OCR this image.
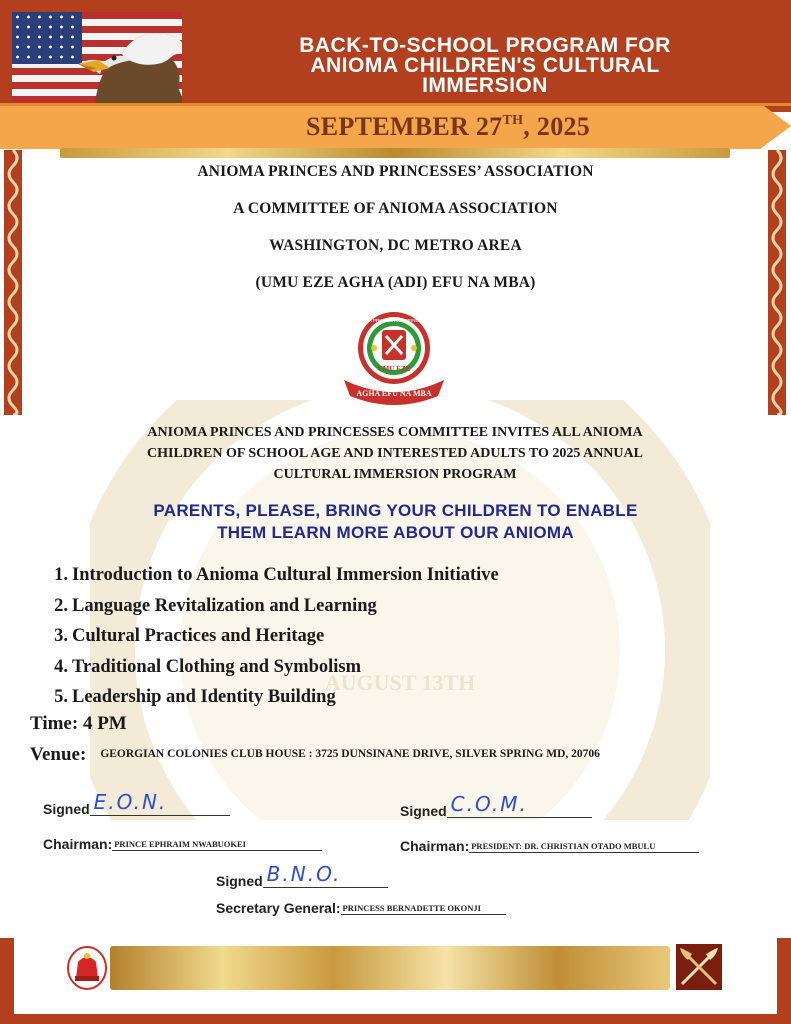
BACK-TO-SCHOOL PROGRAM FOR
ANIOMA CHILDREN'S CULTURAL
IMMERSION
SEPTEMBER 27TH, 2025
AUGUST 13TH
ANIOMA PRINCES AND PRINCESSES’ ASSOCIATION
A COMMITTEE OF ANIOMA ASSOCIATION
WASHINGTON, DC METRO AREA
(UMU EZE AGHA (ADI) EFU NA MBA)
ANIOMA PRINCES AND PRINCESSES
UMU EZE
AGHA EFU NA MBA
ANIOMA PRINCES AND PRINCESSES COMMITTEE INVITES ALL ANIOMA
CHILDREN OF SCHOOL AGE AND INTERESTED ADULTS TO 2025 ANNUAL
CULTURAL IMMERSION PROGRAM
PARENTS, PLEASE, BRING YOUR CHILDREN TO ENABLE
THEM LEARN MORE ABOUT OUR ANIOMA
1. Introduction to Anioma Cultural Immersion Initiative
2. Language Revitalization and Learning
3. Cultural Practices and Heritage
4. Traditional Clothing and Symbolism
5. Leadership and Identity Building
Time: 4 PM
Venue: GEORGIAN COLONIES CLUB HOUSE : 3725 DUNSINANE DRIVE, SILVER SPRING MD, 20706
Signed E.O.N.
Chairman: PRINCE EPHRAIM NWABUOKEI
Signed C.O.M.
Chairman: PRESIDENT: DR. CHRISTIAN OTADO MBULU
Signed B.N.O.
Secretary General: PRINCESS BERNADETTE OKONJI
